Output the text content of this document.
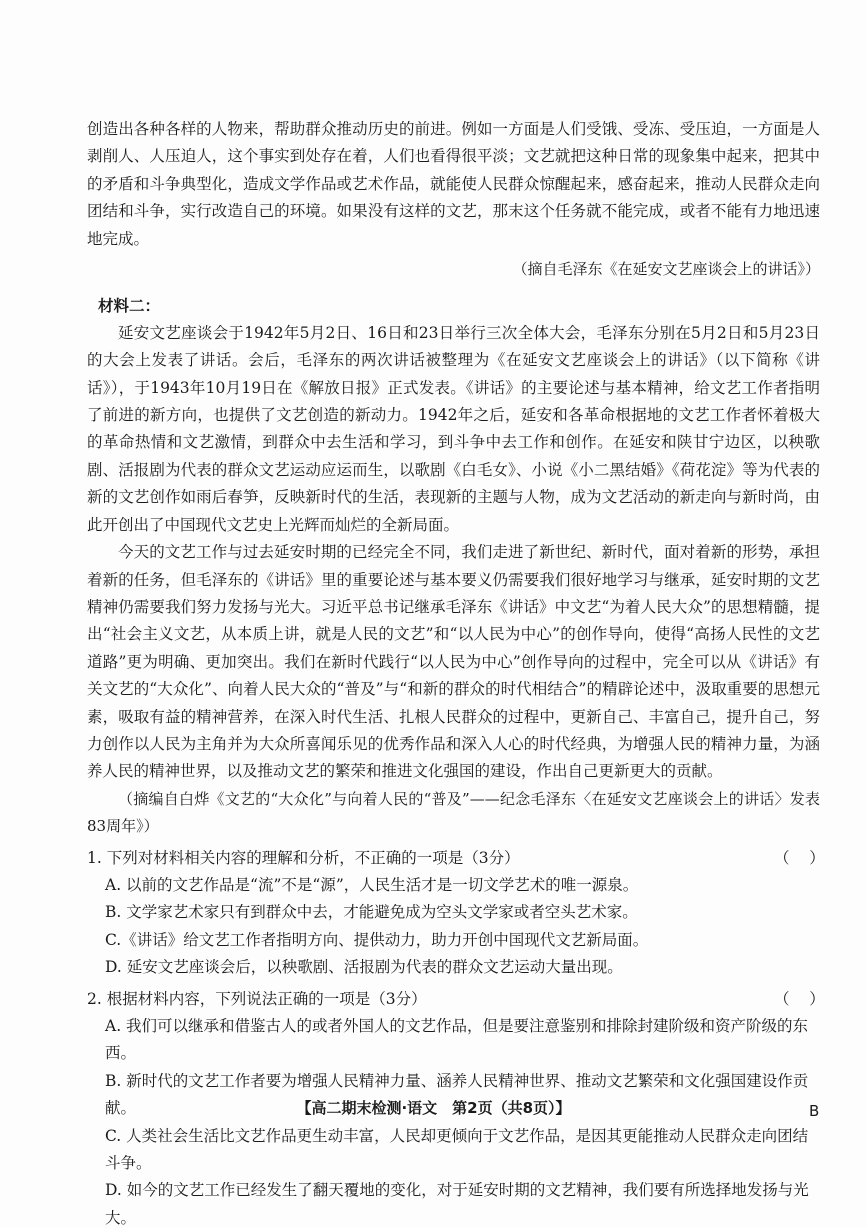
创造出各种各样的人物来，帮助群众推动历史的前进。例如一方面是人们受饿、受冻、受压迫，一方面是人剥削人、人压迫人，这个事实到处存在着，人们也看得很平淡；文艺就把这种日常的现象集中起来，把其中的矛盾和斗争典型化，造成文学作品或艺术作品，就能使人民群众惊醒起来，感奋起来，推动人民群众走向团结和斗争，实行改造自己的环境。如果没有这样的文艺，那末这个任务就不能完成，或者不能有力地迅速地完成。

（摘自毛泽东《在延安文艺座谈会上的讲话》）

材料二：

延安文艺座谈会于1942年5月2日、16日和23日举行三次全体大会，毛泽东分别在5月2日和5月23日的大会上发表了讲话。会后，毛泽东的两次讲话被整理为《在延安文艺座谈会上的讲话》（以下简称《讲话》），于1943年10月19日在《解放日报》正式发表。《讲话》的主要论述与基本精神，给文艺工作者指明了前进的新方向，也提供了文艺创造的新动力。1942年之后，延安和各革命根据地的文艺工作者怀着极大的革命热情和文艺激情，到群众中去生活和学习，到斗争中去工作和创作。在延安和陕甘宁边区，以秧歌剧、活报剧为代表的群众文艺运动应运而生，以歌剧《白毛女》、小说《小二黑结婚》《荷花淀》等为代表的新的文艺创作如雨后春笋，反映新时代的生活，表现新的主题与人物，成为文艺活动的新走向与新时尚，由此开创出了中国现代文艺史上光辉而灿烂的全新局面。

今天的文艺工作与过去延安时期的已经完全不同，我们走进了新世纪、新时代，面对着新的形势，承担着新的任务，但毛泽东的《讲话》里的重要论述与基本要义仍需要我们很好地学习与继承，延安时期的文艺精神仍需要我们努力发扬与光大。习近平总书记继承毛泽东《讲话》中文艺“为着人民大众”的思想精髓，提出“社会主义文艺，从本质上讲，就是人民的文艺”和“以人民为中心”的创作导向，使得“高扬人民性的文艺道路”更为明确、更加突出。我们在新时代践行“以人民为中心”创作导向的过程中，完全可以从《讲话》有关文艺的“大众化”、向着人民大众的“普及”与“和新的群众的时代相结合”的精辟论述中，汲取重要的思想元素，吸取有益的精神营养，在深入时代生活、扎根人民群众的过程中，更新自己、丰富自己，提升自己，努力创作以人民为主角并为大众所喜闻乐见的优秀作品和深入人心的时代经典，为增强人民的精神力量，为涵养人民的精神世界，以及推动文艺的繁荣和推进文化强国的建设，作出自己更新更大的贡献。

（摘编自白烨《文艺的“大众化”与向着人民的“普及”——纪念毛泽东〈在延安文艺座谈会上的讲话〉发表83周年》）

1. 下列对材料相关内容的理解和分析，不正确的一项是（3分）	（    ）
A. 以前的文艺作品是“流”不是“源”，人民生活才是一切文学艺术的唯一源泉。
B. 文学家艺术家只有到群众中去，才能避免成为空头文学家或者空头艺术家。
C.《讲话》给文艺工作者指明方向、提供动力，助力开创中国现代文艺新局面。
D. 延安文艺座谈会后，以秧歌剧、活报剧为代表的群众文艺运动大量出现。
2. 根据材料内容，下列说法正确的一项是（3分）	（    ）
A. 我们可以继承和借鉴古人的或者外国人的文艺作品，但是要注意鉴别和排除封建阶级和资产阶级的东西。
B. 新时代的文艺工作者要为增强人民精神力量、涵养人民精神世界、推动文艺繁荣和文化强国建设作贡献。
C. 人类社会生活比文艺作品更生动丰富，人民却更倾向于文艺作品，是因其更能推动人民群众走向团结斗争。
D. 如今的文艺工作已经发生了翻天覆地的变化，对于延安时期的文艺精神，我们要有所选择地发扬与光大。
【高二期末检测·语文　第2页（共8页）】	B
